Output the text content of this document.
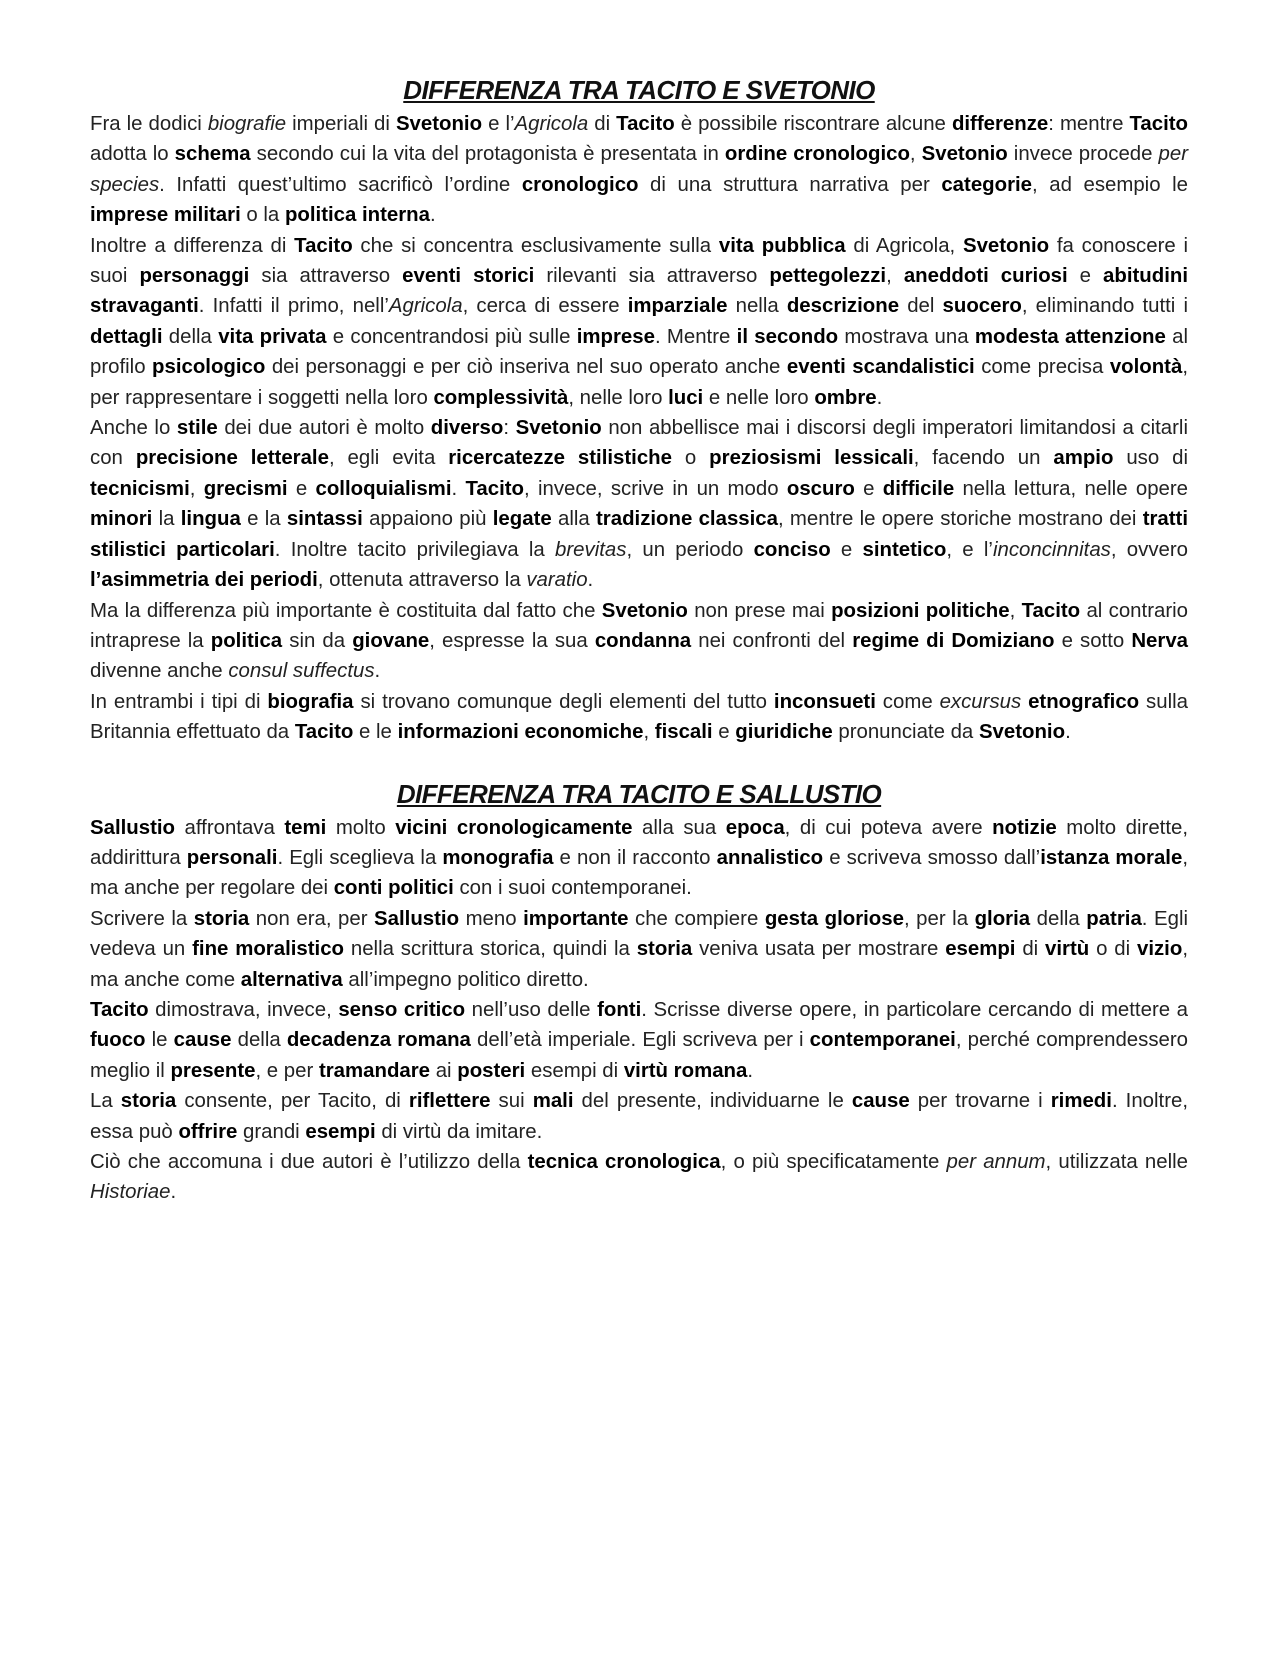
DIFFERENZA TRA TACITO E SVETONIO

Fra le dodici biografie imperiali di Svetonio e l’Agricola di Tacito è possibile riscontrare alcune differenze: mentre Tacito adotta lo schema secondo cui la vita del protagonista è presentata in ordine cronologico, Svetonio invece procede per species. Infatti quest’ultimo sacrificò l’ordine cronologico di una struttura narrativa per categorie, ad esempio le imprese militari o la politica interna.

Inoltre a differenza di Tacito che si concentra esclusivamente sulla vita pubblica di Agricola, Svetonio fa conoscere i suoi personaggi sia attraverso eventi storici rilevanti sia attraverso pettegolezzi, aneddoti curiosi e abitudini stravaganti. Infatti il primo, nell’Agricola, cerca di essere imparziale nella descrizione del suocero, eliminando tutti i dettagli della vita privata e concentrandosi più sulle imprese. Mentre il secondo mostrava una modesta attenzione al profilo psicologico dei personaggi e per ciò inseriva nel suo operato anche eventi scandalistici come precisa volontà, per rappresentare i soggetti nella loro complessività, nelle loro luci e nelle loro ombre.

Anche lo stile dei due autori è molto diverso: Svetonio non abbellisce mai i discorsi degli imperatori limitandosi a citarli con precisione letterale, egli evita ricercatezze stilistiche o preziosismi lessicali, facendo un ampio uso di tecnicismi, grecismi e colloquialismi. Tacito, invece, scrive in un modo oscuro e difficile nella lettura, nelle opere minori la lingua e la sintassi appaiono più legate alla tradizione classica, mentre le opere storiche mostrano dei tratti stilistici particolari. Inoltre tacito privilegiava la brevitas, un periodo conciso e sintetico, e l’inconcinnitas, ovvero l’asimmetria dei periodi, ottenuta attraverso la varatio.

Ma la differenza più importante è costituita dal fatto che Svetonio non prese mai posizioni politiche, Tacito al contrario intraprese la politica sin da giovane, espresse la sua condanna nei confronti del regime di Domiziano e sotto Nerva divenne anche consul suffectus.

In entrambi i tipi di biografia si trovano comunque degli elementi del tutto inconsueti come excursus etnografico sulla Britannia effettuato da Tacito e le informazioni economiche, fiscali e giuridiche pronunciate da Svetonio.

DIFFERENZA TRA TACITO E SALLUSTIO

Sallustio affrontava temi molto vicini cronologicamente alla sua epoca, di cui poteva avere notizie molto dirette, addirittura personali. Egli sceglieva la monografia e non il racconto annalistico e scriveva smosso dall’istanza morale, ma anche per regolare dei conti politici con i suoi contemporanei.

Scrivere la storia non era, per Sallustio meno importante che compiere gesta gloriose, per la gloria della patria. Egli vedeva un fine moralistico nella scrittura storica, quindi la storia veniva usata per mostrare esempi di virtù o di vizio, ma anche come alternativa all’impegno politico diretto.

Tacito dimostrava, invece, senso critico nell’uso delle fonti. Scrisse diverse opere, in particolare cercando di mettere a fuoco le cause della decadenza romana dell’età imperiale. Egli scriveva per i contemporanei, perché comprendessero meglio il presente, e per tramandare ai posteri esempi di virtù romana.

La storia consente, per Tacito, di riflettere sui mali del presente, individuarne le cause per trovarne i rimedi. Inoltre, essa può offrire grandi esempi di virtù da imitare.

Ciò che accomuna i due autori è l’utilizzo della tecnica cronologica, o più specificatamente per annum, utilizzata nelle Historiae.
